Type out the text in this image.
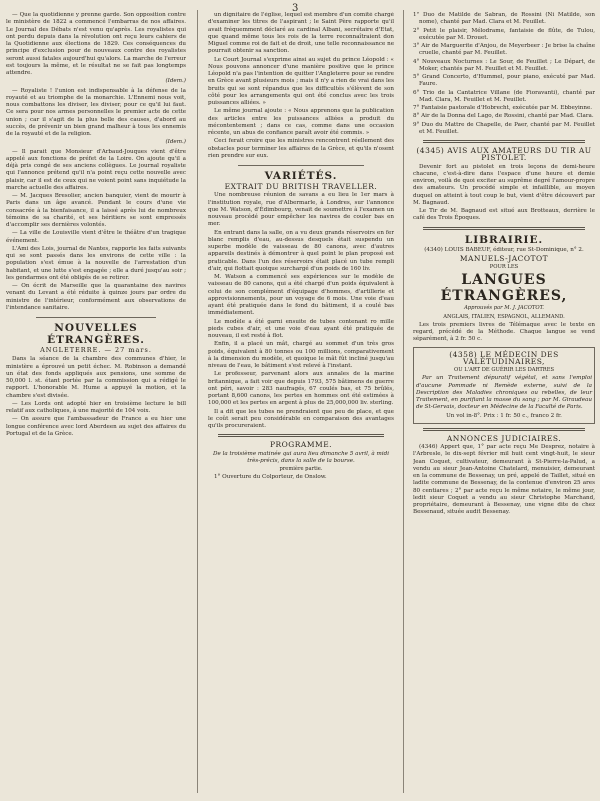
3

— Que la quotidienne y prenne garde. Son opposition contre le ministère de 1822 a commencé l'embarras de nos affaires. Le Journal des Débats n'est venu qu'après. Les royalistes qui ont perdu depuis dans la révolution ont reçu leurs cahiers de la Quotidienne aux élections de 1829. Ces conséquences du principe d'exclusion pour de nouveaux contre des royalistes seront aussi fatales aujourd'hui qu'alors. La marche de l'erreur est toujours la même, et le résultat ne se fait pas longtemps attendre.

(Idem.)

— Royaliste ! l'union est indispensable à la défense de la royauté et au triomphe de la monarchie. L'Ennemi nous voit, nous combattons les diviser, les diviser, pour ce qu'il lui faut. Ce sera pour nos armes personnelles le premier acte de cette union ; car il s'agit de la plus belle des causes, d'abord au succès, de prévenir un bien grand malheur à tous les ennemis de la royauté et de la religion.

(Idem.)

— Il parait que Monsieur d'Arbaud-Jouques vient d'être appelé aux fonctions de préfet de la Loire. On ajoute qu'il a déjà pris congé de ses anciens collègues. Le journal royaliste qui l'annonce prétend qu'il n'a point reçu cette nouvelle avec plaisir, car il est de ceux qui ne voient point sans inquiétude la marche actuelle des affaires.

— M. Jacques Bresolier, ancien banquier, vient de mourir à Paris dans un âge avancé. Pendant le cours d'une vie consacrée à la bienfaisance, il a laissé après lui de nombreux témoins de sa charité, et ses héritiers se sont empressés d'accomplir ses dernières volontés.

— La ville de Louisville vient d'être le théâtre d'un tragique événement.

L'Ami des Lois, journal de Nantes, rapporte les faits suivants qui se sont passés dans les environs de cette ville : la population s'est émue à la nouvelle de l'arrestation d'un habitant, et une lutte s'est engagée ; elle a duré jusqu'au soir ; les gendarmes ont été obligés de se retirer.

— On écrit de Marseille que la quarantaine des navires venant du Levant a été réduite à quinze jours par ordre du ministre de l'intérieur, conformément aux observations de l'intendance sanitaire.

NOUVELLES ÉTRANGÈRES.
ANGLETERRE. — 27 mars.

Dans la séance de la chambre des communes d'hier, le ministère a éprouvé un petit échec. M. Robinson a demandé un état des fonds appliqués aux pensions, une somme de 50,000 l. st. étant portée par la commission qui a rédigé le rapport. L'honorable M. Hume a appuyé la motion, et la chambre s'est divisée.

— Les Lords ont adopté hier en troisième lecture le bill relatif aux catholiques, à une majorité de 104 voix.

— On assure que l'ambassadeur de France a eu hier une longue conférence avec lord Aberdeen au sujet des affaires du Portugal et de la Grèce.

un dignitaire de l'église, lequel est membre d'un comité chargé d'examiner les titres de l'aspirant ; le Saint Père rapporte qu'il avait fréquemment déclaré au cardinal Albani, secrétaire d'Etat, que quand même tous les rois de la terre reconnaîtraient don Miguel comme roi de fait et de droit, une telle reconnaissance ne pourrait obtenir sa sanction.

Le Court Journal s'exprime ainsi au sujet du prince Léopold : « Nous pouvons annoncer d'une manière positive que le prince Léopold n'a pas l'intention de quitter l'Angleterre pour se rendre en Grèce avant plusieurs mois ; mais il n'y a rien de vrai dans les bruits qui se sont répandus que les difficultés s'élèvent de son côté pour les arrangements qui ont été conclus avec les trois puissances alliées. »

Le même journal ajoute : « Nous apprenons que la publication des articles entre les puissances alliées a produit du mécontentement ; dans ce cas, comme dans une occasion récente, un abus de confiance paraît avoir été commis. »

Ceci ferait croire que les ministres rencontrent réellement des obstacles pour terminer les affaires de la Grèce, et qu'ils n'osent rien prendre sur eux.

VARIÉTÉS.
EXTRAIT DU BRITISH TRAVELLER.

Une nombreuse réunion de savans a eu lieu le 1er mars à l'institution royale, rue d'Albermarle, à Londres, sur l'annonce que M. Watson, d'Édimbourg, venait de soumettre à l'examen un nouveau procédé pour empêcher les navires de couler bas en mer.

En entrant dans la salle, on a vu deux grands réservoirs en fer blanc remplis d'eau, au-dessus desquels était suspendu un superbe modèle de vaisseau de 80 canons, avec d'autres appareils destinés à démontrer à quel point le plan proposé est praticable. Dans l'un des réservoirs était placé un tube rempli d'air, qui flottait quoique surchargé d'un poids de 160 liv.

M. Watson a commencé ses expériences sur le modèle de vaisseau de 80 canons, qui a été chargé d'un poids équivalent à celui de son complément d'équipage d'hommes, d'artillerie et approvisionnements, pour un voyage de 6 mois. Une voie d'eau ayant été pratiquée dans le fond du bâtiment, il a coulé bas immédiatement.

Le modèle a été garni ensuite de tubes contenant ro mille pieds cubes d'air, et une voie d'eau ayant été pratiquée de nouveau, il est resté à flot.

Enfin, il a placé un mât, chargé au sommet d'un très gros poids, équivalent à 80 tonnes ou 100 millions, comparativement à la dimension du modèle, et quoique le mât fût incliné jusqu'au niveau de l'eau, le bâtiment s'est relevé à l'instant.

Le professeur, parvenant alors aux annales de la marine britannique, a fait voir que depuis 1793, 575 bâtimens de guerre ont péri, savoir : 283 naufragés, 67 coulés bas, et 75 brûlés, portant 8,600 canons, les pertes en hommes ont été estimées à 100,000 et les pertes en argent à plus de 25,000,000 liv. sterling.

Il a dit que les tubes ne prendraient que peu de place, et que le coût serait peu considérable en comparaison des avantages qu'ils procureraient.

PROGRAMME.

De la troisième matinée qui aura lieu dimanche 5 avril, à midi très-précis, dans la salle de la bourse.

première partie.

1° Ouverture du Colporteur, de Onslow.

1° Duo de Matilde de Sabran, de Rossini (Ni Matilde, son nome), chanté par Mad. Clara et M. Feuillet.

2° Petit le plaisir, Mélodrame, fantaisie de flûte, de Tulou, exécutée par M. Drouet.

3° Air de Marguerite d'Anjou, de Meyerbeer : Je brise la chaîne cruelle, chanté par M. Feuillet.

4° Nouveaux Nocturnes : Le Sour, de Feuillet ; Le Départ, de Moker, chantés par M. Feuillet et M. Feuillet.

5° Grand Concerto, d'Hummel, pour piano, exécuté par Mad. Faure.

6° Trio de la Cantatrice Villane (de Fioravanti), chanté par Mad. Clara, M. Feuillet et M. Feuillet.

7° Fantaisie pastorale d'Hobrecht, exécutée par M. Ebbeyinne.

8° Air de la Donna del Lago, de Rossini, chanté par Mad. Clara.

9° Duo du Mattre de Chapelle, de Paer, chanté par M. Feuillet et M. Feuillet.

(4345) AVIS AUX AMATEURS DU TIR AU PISTOLET.

Devenir fort au pistolet en trois leçons de demi-heure chacune, c'est-à-dire dans l'espace d'une heure et demie environ, voilà de quoi exciter au suprême degré l'amour-propre des amateurs. Un procédé simple et infaillible, au moyen duquel on atteint à tout coup le but, vient d'être découvert par M. Bagnaud.

Le Tir de M. Bagnaud est situé aux Brotteaux, derrière le café des Trois Époques.

LIBRAIRIE.

(4340) LOUIS BABEUF, éditeur, rue St-Dominique, n° 2.

MANUELS-JACOTOT
POUR LES
LANGUES ÉTRANGÈRES,
Approuvés par M. J. JACOTOT.
ANGLAIS, ITALIEN, ESPAGNOL, ALLEMAND.

Les trois premiers livres de Télémaque avec le texte en regard, précédé de la Méthode. Chaque langue se vend séparément, à 2 fr. 50 c.

(4358) LE MÉDECIN DES VALÉTUDINAIRES,
OU L'ART DE GUÉRIR LES DARTRES

Par un Traitement dépuratif végétal, et sans l'emploi d'aucune Pommade ni Remède externe, suivi de la Description des Maladies chroniques ou rebelles, de leur Traitement, en purifiant la masse du sang ; par M. Giraudeau de St-Gervais, docteur en Médecine de la Faculté de Paris.

Un vol in-8°. Prix : 1 fr. 50 c., franco 2 fr.

ANNONCES JUDICIAIRES.

(4346) Appert que, 1° par acte reçu Me Desprez, notaire à l'Arbresle, le dix-sept février mil huit cent vingt-huit, le sieur Jean Coquet, cultivateur, demeurant à St-Pierre-la-Palud, a vendu au sieur Jean-Antoine Chatelard, menuisier, demeurant en la commune de Bessenay, un pré, appelé de Taillet, situé en ladite commune de Bessenay, de la contenue d'environ 25 ares 80 centiares ; 2° par acte reçu le même notaire, le même jour, ledit sieur Coquet a vendu au sieur Christophe Marchand, propriétaire, demeurant à Bessenay, une vigne dite de chez Bessenaud, située audit Bessenay.
